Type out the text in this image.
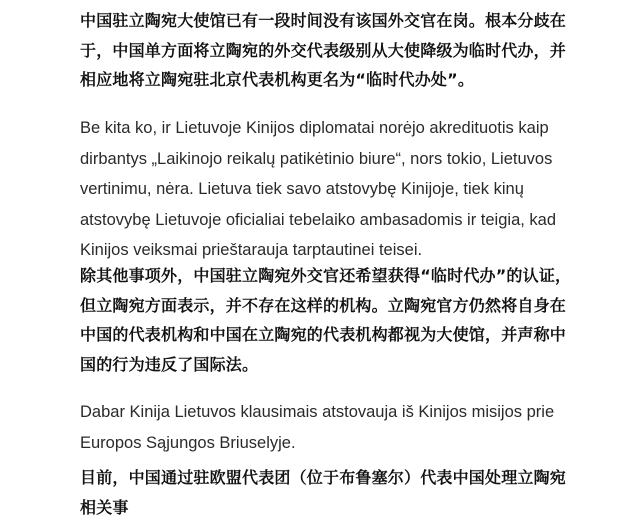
中国驻立陶宛大使馆已有一段时间没有该国外交官在岗。根本分歧在于，中国单方面将立陶宛的外交代表级别从大使降级为临时代办，并相应地将立陶宛驻北京代表机构更名为“临时代办处”。

Be kita ko, ir Lietuvoje Kinijos diplomatai norėjo akredituotis kaip dirbantys „Laikinojo reikalų patikėtinio biure“, nors tokio, Lietuvos vertinimu, nėra. Lietuva tiek savo atstovybę Kinijoje, tiek kinų atstovybę Lietuvoje oficialiai tebelaiko ambasadomis ir teigia, kad Kinijos veiksmai prieštarauja tarptautinei teisei.

除其他事项外，中国驻立陶宛外交官还希望获得“临时代办”的认证，但立陶宛方面表示，并不存在这样的机构。立陶宛官方仍然将自身在中国的代表机构和中国在立陶宛的代表机构都视为大使馆，并声称中国的行为违反了国际法。

Dabar Kinija Lietuvos klausimais atstovauja iš Kinijos misijos prie Europos Sąjungos Briuselyje.

目前，中国通过驻欧盟代表团（位于布鲁塞尔）代表中国处理立陶宛相关事
